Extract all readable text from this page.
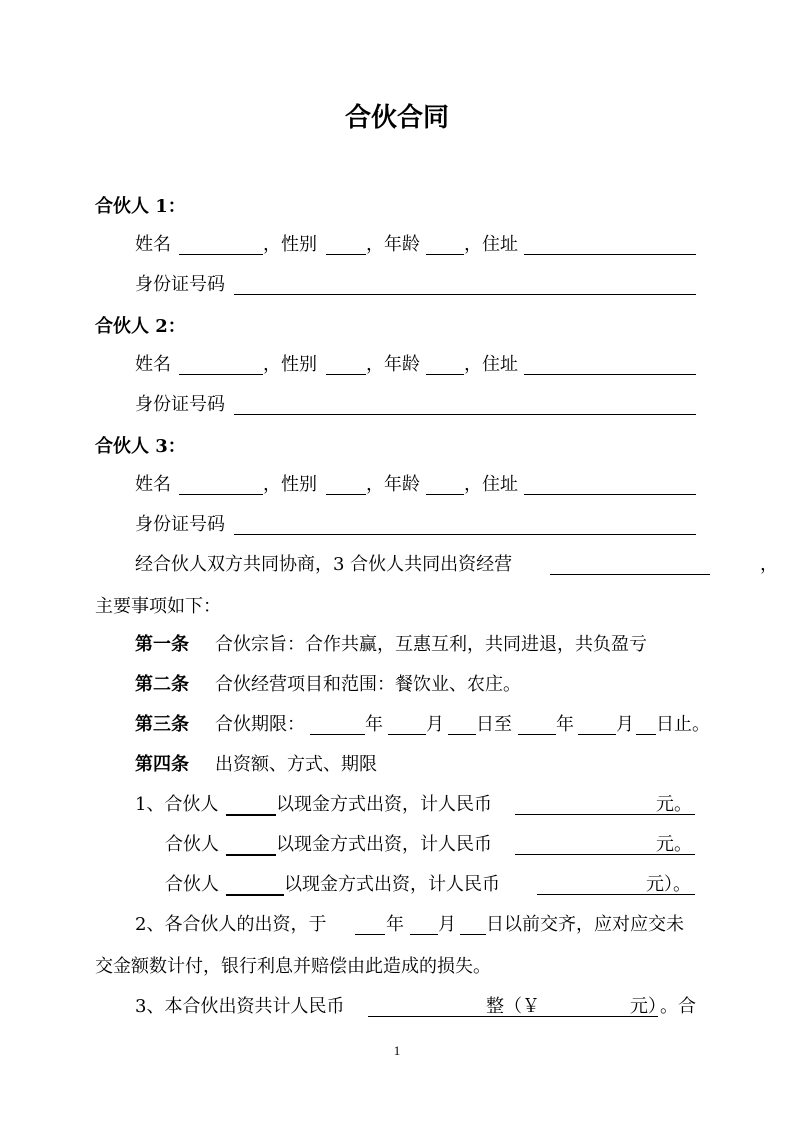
合伙合同
合伙人 1：
姓名	，性别	，年龄 ，住址
身份证号码
合伙人 2：
姓名	，性别	，年龄 ，住址
身份证号码
合伙人 3：
姓名	，性别	，年龄 ，住址
身份证号码
经合伙人双方共同协商，3 合伙人共同出资经营	，
主要事项如下：
第一条 合伙宗旨：合作共赢，互惠互利，共同进退，共负盈亏
第二条 合伙经营项目和范围：餐饮业、农庄。
第三条 合伙期限：	年 月 日至 年 月 日止。
第四条 出资额、方式、期限
1、合伙人	以现金方式出资，计人民币	元。
合伙人	以现金方式出资，计人民币	元。
合伙人	以现金方式出资，计人民币	元）。
2、各合伙人的出资，于	年 月 日以前交齐，应对应交未
交金额数计付，银行利息并赔偿由此造成的损失。
3、本合伙出资共计人民币	整（￥	元）
。合
1
